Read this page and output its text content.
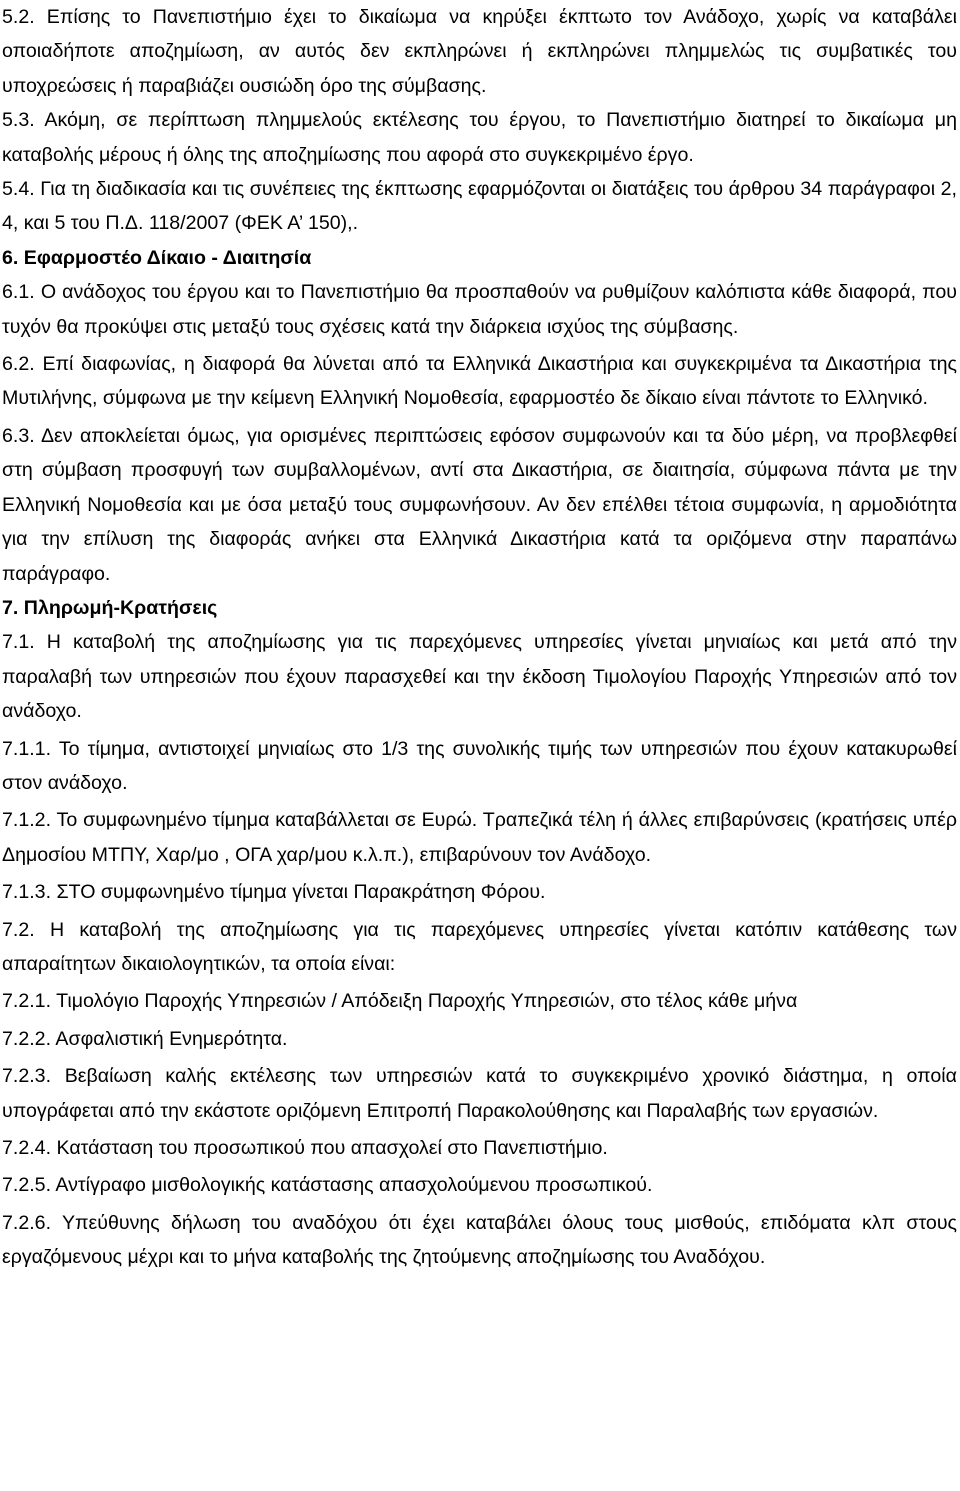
5.2. Επίσης το Πανεπιστήμιο έχει το δικαίωμα να κηρύξει έκπτωτο τον Ανάδοχο, χωρίς να καταβάλει οποιαδήποτε αποζημίωση, αν αυτός δεν εκπληρώνει ή εκπληρώνει πλημμελώς τις συμβατικές του υποχρεώσεις ή παραβιάζει ουσιώδη όρο της σύμβασης.

5.3. Ακόμη, σε περίπτωση πλημμελούς εκτέλεσης του έργου, το Πανεπιστήμιο διατηρεί το δικαίωμα μη καταβολής μέρους ή όλης της αποζημίωσης που αφορά στο συγκεκριμένο έργο.

5.4. Για τη διαδικασία και τις συνέπειες της έκπτωσης εφαρμόζονται οι διατάξεις του άρθρου 34 παράγραφοι 2, 4, και 5 του Π.Δ. 118/2007 (ΦΕΚ Α’ 150),.

6. Εφαρμοστέο Δίκαιο - Διαιτησία

6.1. Ο ανάδοχος του έργου και το Πανεπιστήμιο θα προσπαθούν να ρυθμίζουν καλόπιστα κάθε διαφορά, που τυχόν θα προκύψει στις μεταξύ τους σχέσεις κατά την διάρκεια ισχύος της σύμβασης.

6.2. Επί διαφωνίας, η διαφορά θα λύνεται από τα Ελληνικά Δικαστήρια και συγκεκριμένα τα Δικαστήρια της Μυτιλήνης, σύμφωνα με την κείμενη Ελληνική Νομοθεσία, εφαρμοστέο δε δίκαιο είναι πάντοτε το Ελληνικό.

6.3. Δεν αποκλείεται όμως, για ορισμένες περιπτώσεις εφόσον συμφωνούν και τα δύο μέρη, να προβλεφθεί στη σύμβαση προσφυγή των συμβαλλομένων, αντί στα Δικαστήρια, σε διαιτησία, σύμφωνα πάντα με την Ελληνική Νομοθεσία και με όσα μεταξύ τους συμφωνήσουν. Αν δεν επέλθει τέτοια συμφωνία, η αρμοδιότητα για την επίλυση της διαφοράς ανήκει στα Ελληνικά Δικαστήρια κατά τα οριζόμενα στην παραπάνω παράγραφο.

7. Πληρωμή-Κρατήσεις

7.1. Η καταβολή της αποζημίωσης για τις παρεχόμενες υπηρεσίες γίνεται μηνιαίως και μετά από την παραλαβή των υπηρεσιών που έχουν παρασχεθεί και την έκδοση Τιμολογίου Παροχής Υπηρεσιών από τον ανάδοχο.

7.1.1. Το τίμημα, αντιστοιχεί μηνιαίως στο 1/3 της συνολικής τιμής των υπηρεσιών που έχουν κατακυρωθεί στον ανάδοχο.

7.1.2. Το συμφωνημένο τίμημα καταβάλλεται σε Ευρώ. Τραπεζικά τέλη ή άλλες επιβαρύνσεις (κρατήσεις υπέρ Δημοσίου ΜΤΠΥ, Χαρ/μο , ΟΓΑ χαρ/μου κ.λ.π.), επιβαρύνουν τον Ανάδοχο.

7.1.3. ΣΤΟ συμφωνημένο τίμημα γίνεται Παρακράτηση Φόρου.

7.2. Η καταβολή της αποζημίωσης για τις παρεχόμενες υπηρεσίες γίνεται κατόπιν κατάθεσης των απαραίτητων δικαιολογητικών, τα οποία είναι:

7.2.1. Τιμολόγιο Παροχής Υπηρεσιών / Απόδειξη Παροχής Υπηρεσιών, στο τέλος κάθε μήνα

7.2.2. Ασφαλιστική Ενημερότητα.

7.2.3. Βεβαίωση καλής εκτέλεσης των υπηρεσιών κατά το συγκεκριμένο χρονικό διάστημα, η οποία υπογράφεται από την εκάστοτε οριζόμενη Επιτροπή Παρακολούθησης και Παραλαβής των εργασιών.

7.2.4. Κατάσταση του προσωπικού που απασχολεί στο Πανεπιστήμιο.

7.2.5. Αντίγραφο μισθολογικής κατάστασης απασχολούμενου προσωπικού.

7.2.6. Υπεύθυνης δήλωση του αναδόχου ότι έχει καταβάλει όλους τους μισθούς, επιδόματα κλπ στους εργαζόμενους μέχρι και το μήνα καταβολής της ζητούμενης αποζημίωσης του Αναδόχου.
